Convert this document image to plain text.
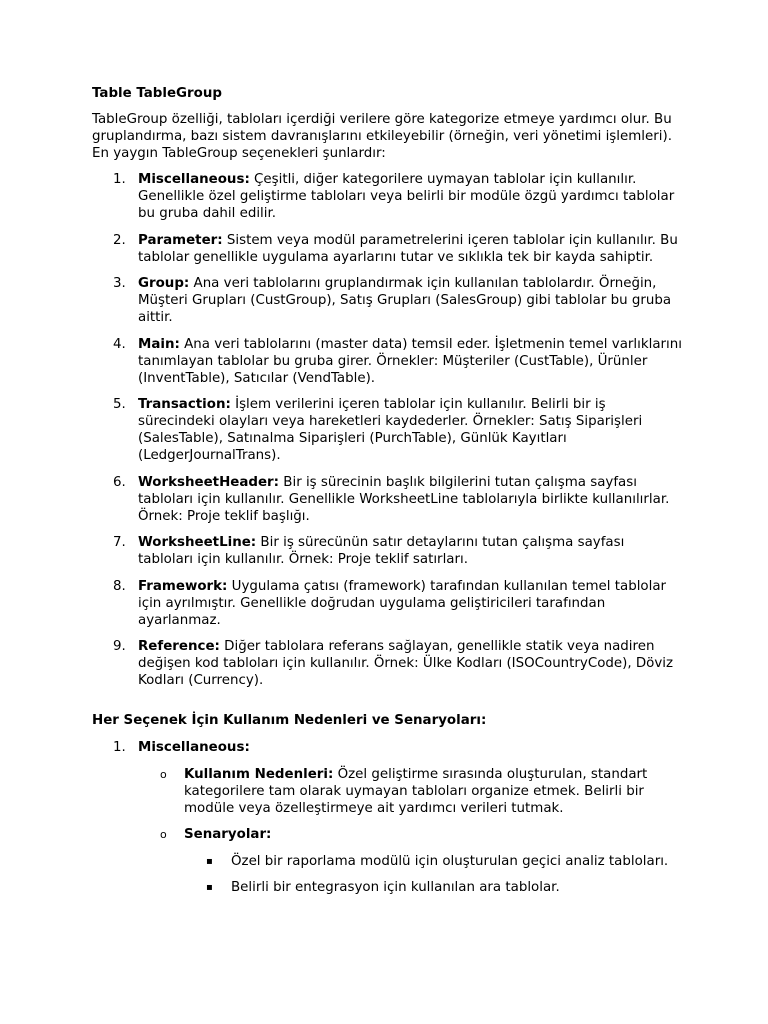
Table TableGroup

TableGroup özelliği, tabloları içerdiği verilere göre kategorize etmeye yardımcı olur. Bu gruplandırma, bazı sistem davranışlarını etkileyebilir (örneğin, veri yönetimi işlemleri). En yaygın TableGroup seçenekleri şunlardır:

1. Miscellaneous: Çeşitli, diğer kategorilere uymayan tablolar için kullanılır. Genellikle özel geliştirme tabloları veya belirli bir modüle özgü yardımcı tablolar bu gruba dahil edilir.
2. Parameter: Sistem veya modül parametrelerini içeren tablolar için kullanılır. Bu tablolar genellikle uygulama ayarlarını tutar ve sıklıkla tek bir kayda sahiptir.
3. Group: Ana veri tablolarını gruplandırmak için kullanılan tablolardır. Örneğin, Müşteri Grupları (CustGroup), Satış Grupları (SalesGroup) gibi tablolar bu gruba aittir.
4. Main: Ana veri tablolarını (master data) temsil eder. İşletmenin temel varlıklarını tanımlayan tablolar bu gruba girer. Örnekler: Müşteriler (CustTable), Ürünler (InventTable), Satıcılar (VendTable).
5. Transaction: İşlem verilerini içeren tablolar için kullanılır. Belirli bir iş sürecindeki olayları veya hareketleri kaydederler. Örnekler: Satış Siparişleri (SalesTable), Satınalma Siparişleri (PurchTable), Günlük Kayıtları (LedgerJournalTrans).
6. WorksheetHeader: Bir iş sürecinin başlık bilgilerini tutan çalışma sayfası tabloları için kullanılır. Genellikle WorksheetLine tablolarıyla birlikte kullanılırlar. Örnek: Proje teklif başlığı.
7. WorksheetLine: Bir iş sürecünün satır detaylarını tutan çalışma sayfası tabloları için kullanılır. Örnek: Proje teklif satırları.
8. Framework: Uygulama çatısı (framework) tarafından kullanılan temel tablolar için ayrılmıştır. Genellikle doğrudan uygulama geliştiricileri tarafından ayarlanmaz.
9. Reference: Diğer tablolara referans sağlayan, genellikle statik veya nadiren değişen kod tabloları için kullanılır. Örnek: Ülke Kodları (ISOCountryCode), Döviz Kodları (Currency).
Her Seçenek İçin Kullanım Nedenleri ve Senaryoları:
1. Miscellaneous:
o Kullanım Nedenleri: Özel geliştirme sırasında oluşturulan, standart kategorilere tam olarak uymayan tabloları organize etmek. Belirli bir modüle veya özelleştirmeye ait yardımcı verileri tutmak.
o Senaryolar:
▪ Özel bir raporlama modülü için oluşturulan geçici analiz tabloları.
▪ Belirli bir entegrasyon için kullanılan ara tablolar.
